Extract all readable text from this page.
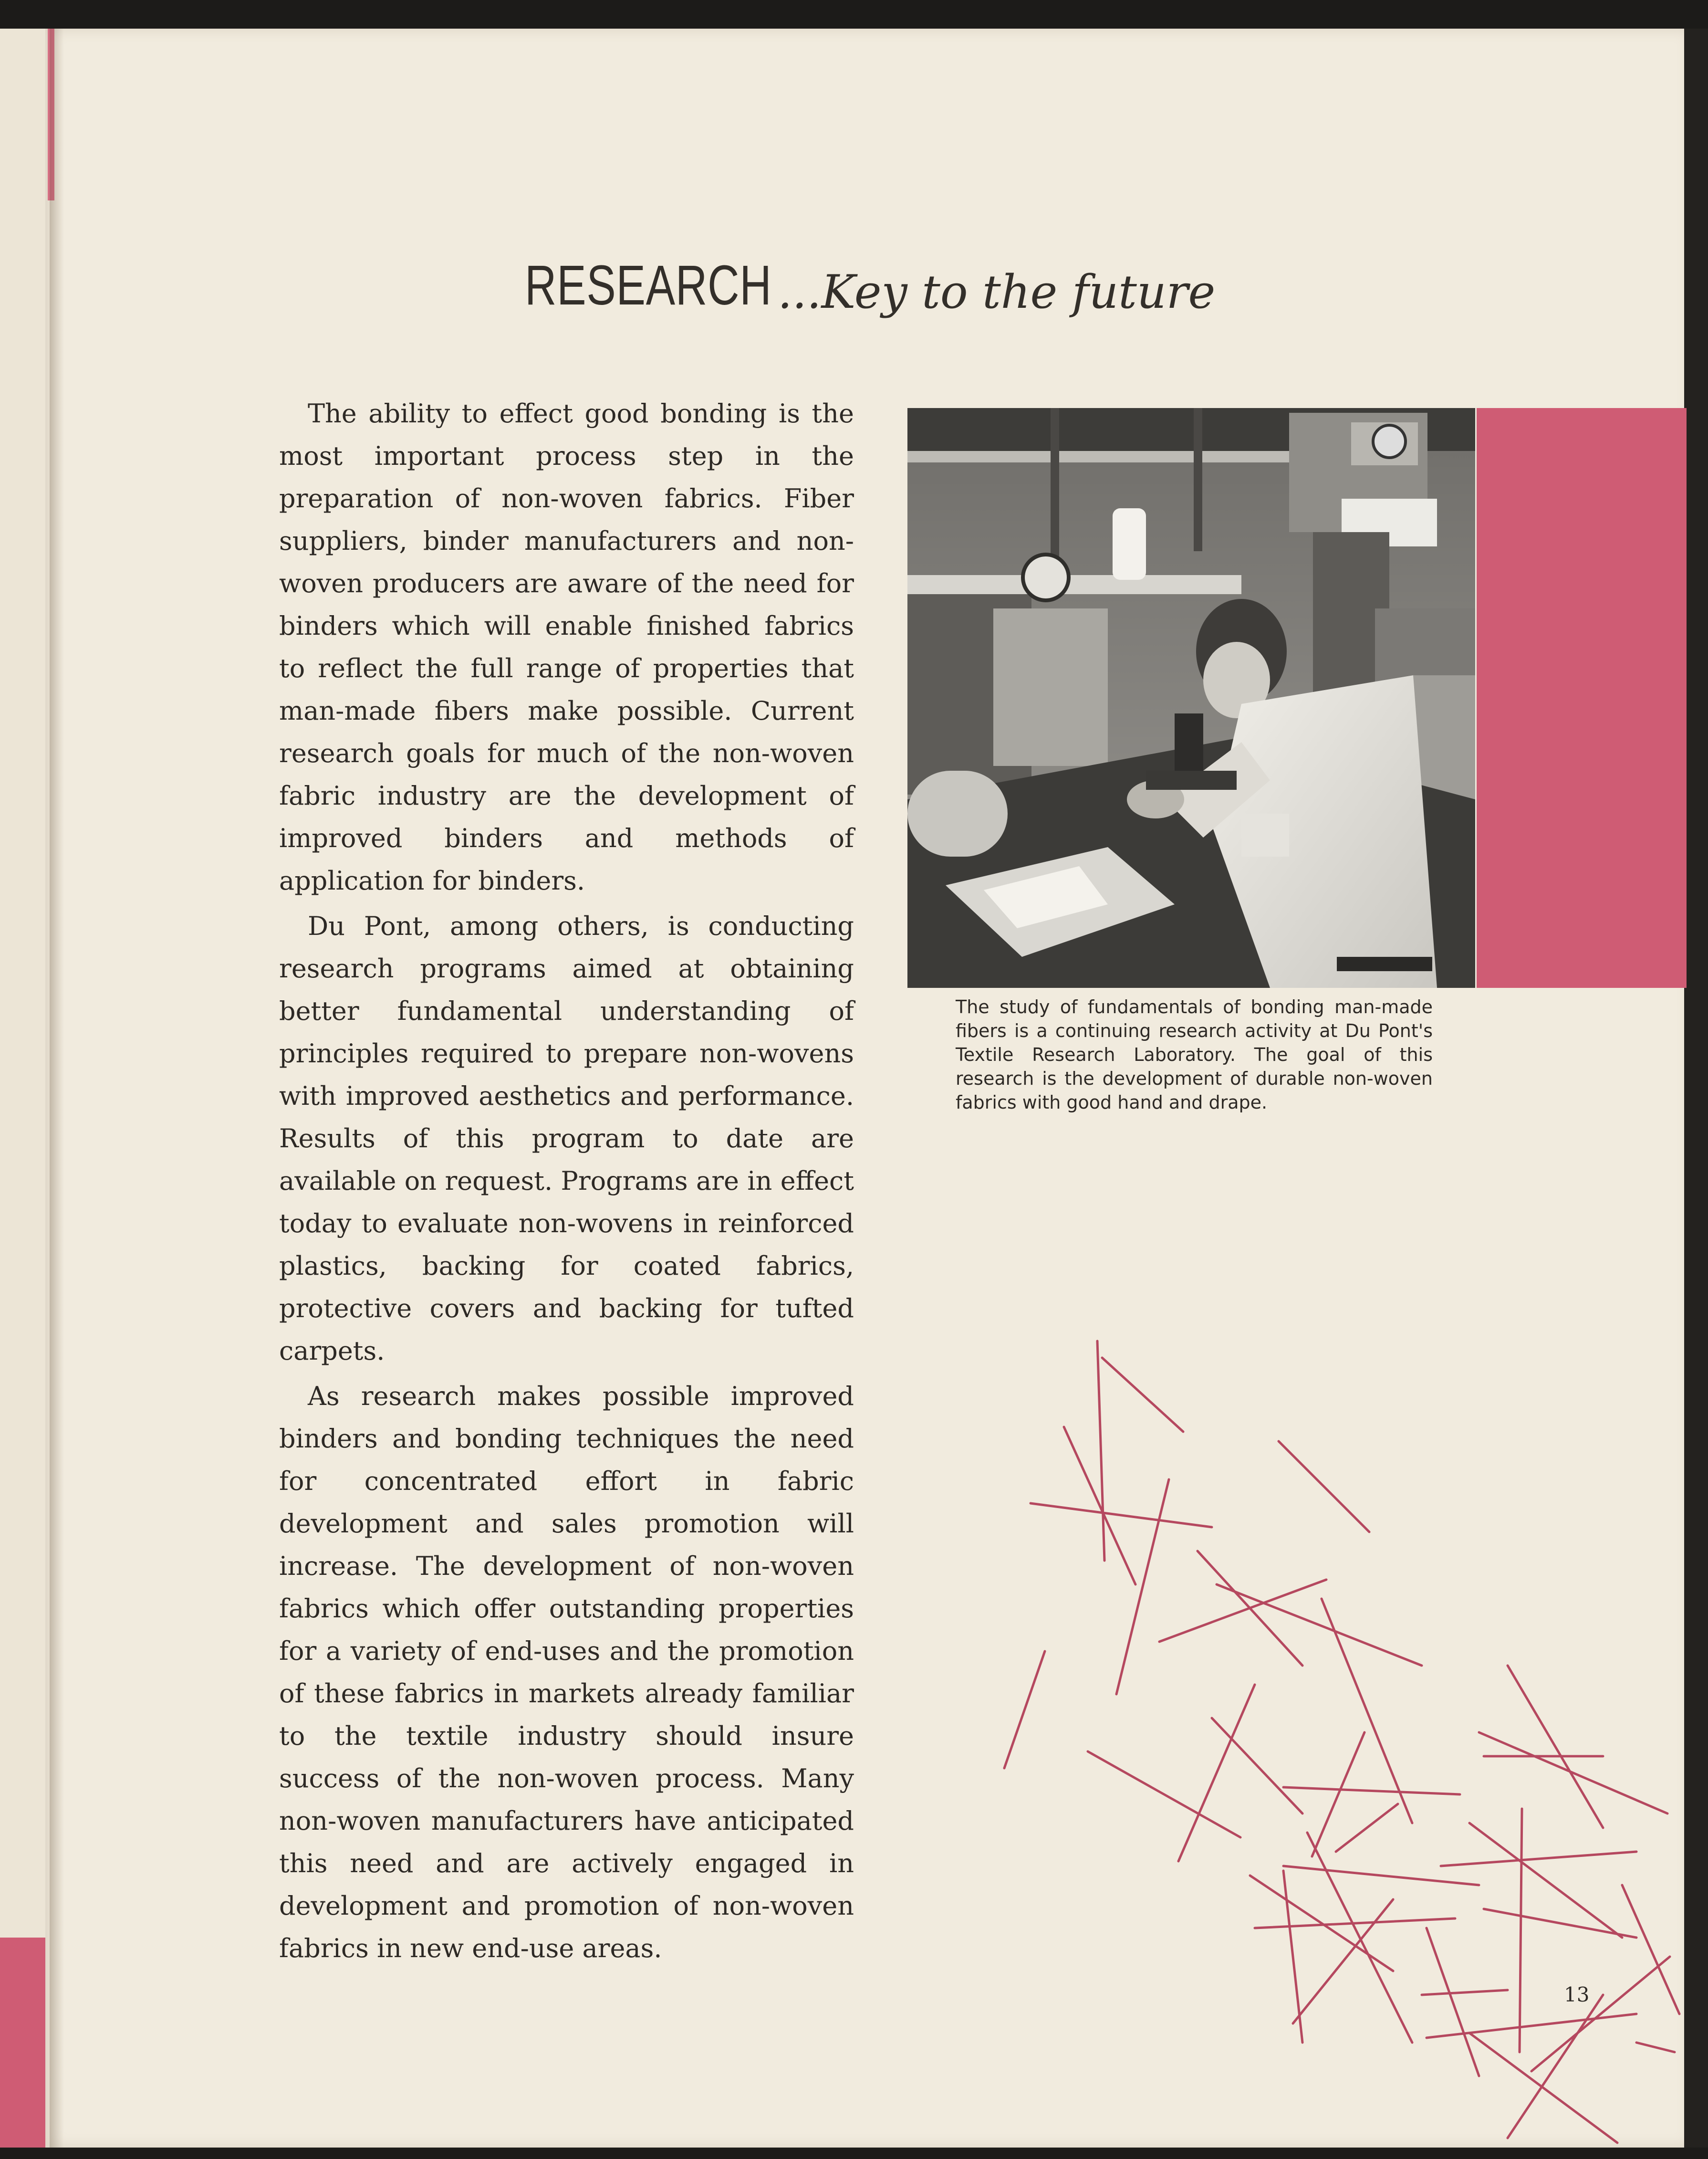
RESEARCH ...Key to the future

The ability to effect good bonding is the most important process step in the preparation of non-woven fabrics. Fiber suppliers, binder manufacturers and non-woven producers are aware of the need for binders which will enable finished fabrics to reflect the full range of properties that man-made fibers make possible. Current research goals for much of the non-woven fabric industry are the development of improved binders and methods of application for binders.

Du Pont, among others, is conducting research programs aimed at obtaining better fundamental understanding of principles required to prepare non-wovens with improved aesthetics and performance. Results of this program to date are available on request. Programs are in effect today to evaluate non-wovens in reinforced plastics, backing for coated fabrics, protective covers and backing for tufted carpets.

As research makes possible improved binders and bonding techniques the need for concentrated effort in fabric development and sales promotion will increase. The development of non-woven fabrics which offer outstanding properties for a variety of end-uses and the promotion of these fabrics in markets already familiar to the textile industry should insure success of the non-woven process. Many non-woven manufacturers have anticipated this need and are actively engaged in development and promotion of non-woven fabrics in new end-use areas.

The study of fundamentals of bonding man-made fibers is a continuing research activity at Du Pont's Textile Research Laboratory. The goal of this research is the development of durable non-woven fabrics with good hand and drape.
13
